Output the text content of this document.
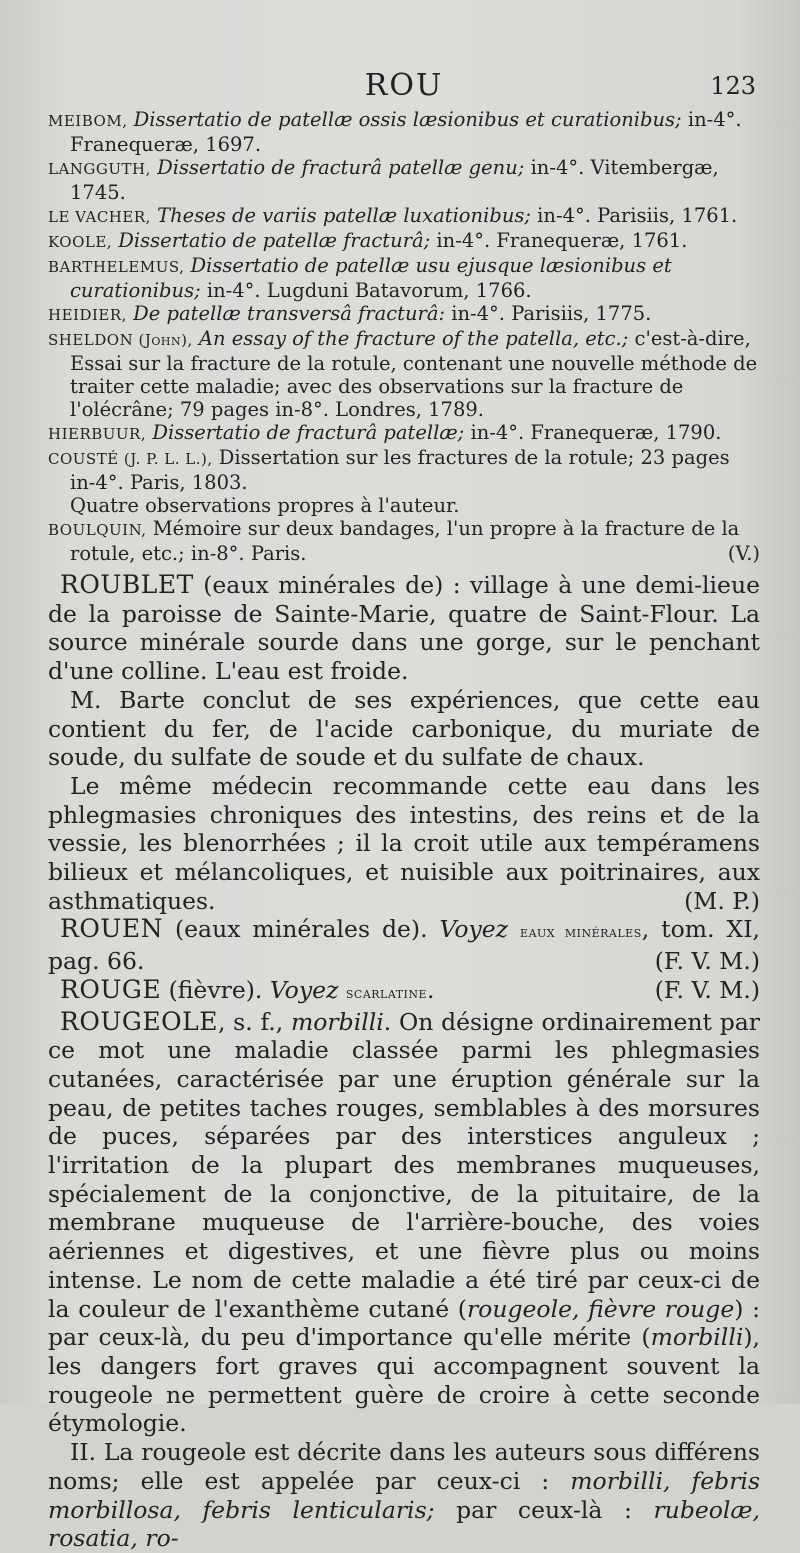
ROU	123

MEIBOM, Dissertatio de patellæ ossis læsionibus et curationibus; in-4°. Franequeræ, 1697.

LANGGUTH, Dissertatio de fracturâ patellæ genu; in-4°. Vitembergæ, 1745.

LE VACHER, Theses de variis patellæ luxationibus; in-4°. Parisiis, 1761.

KOOLE, Dissertatio de patellæ fracturâ; in-4°. Franequeræ, 1761.

BARTHELEMUS, Dissertatio de patellæ usu ejusque læsionibus et curationibus; in-4°. Lugduni Batavorum, 1766.

HEIDIER, De patellæ transversâ fracturâ: in-4°. Parisiis, 1775.

SHELDON (John), An essay of the fracture of the patella, etc.; c'est-à-dire, Essai sur la fracture de la rotule, contenant une nouvelle méthode de traiter cette maladie; avec des observations sur la fracture de l'olécrâne; 79 pages in-8°. Londres, 1789.

HIERBUUR, Dissertatio de fracturâ patellæ; in-4°. Franequeræ, 1790.

COUSTÉ (J. P. L. L.), Dissertation sur les fractures de la rotule; 23 pages in-4°. Paris, 1803.

Quatre observations propres à l'auteur.

BOULQUIN, Mémoire sur deux bandages, l'un propre à la fracture de la rotule, etc.; in-8°. Paris.	(V.)

ROUBLET (eaux minérales de) : village à une demi-lieue de la paroisse de Sainte-Marie, quatre de Saint-Flour. La source minérale sourde dans une gorge, sur le penchant d'une colline. L'eau est froide.

M. Barte conclut de ses expériences, que cette eau contient du fer, de l'acide carbonique, du muriate de soude, du sulfate de soude et du sulfate de chaux.

Le même médecin recommande cette eau dans les phlegmasies chroniques des intestins, des reins et de la vessie, les blenorrhées ; il la croit utile aux tempéramens bilieux et mélancoliques, et nuisible aux poitrinaires, aux asthmatiques.	(M. P.)

ROUEN (eaux minérales de). Voyez eaux minérales, tom. XI, pag. 66.	(F. V. M.)

ROUGE (fièvre). Voyez scarlatine.	(F. V. M.)

ROUGEOLE, s. f., morbilli. On désigne ordinairement par ce mot une maladie classée parmi les phlegmasies cutanées, caractérisée par une éruption générale sur la peau, de petites taches rouges, semblables à des morsures de puces, séparées par des interstices anguleux ; l'irritation de la plupart des membranes muqueuses, spécialement de la conjonctive, de la pituitaire, de la membrane muqueuse de l'arrière-bouche, des voies aériennes et digestives, et une fièvre plus ou moins intense. Le nom de cette maladie a été tiré par ceux-ci de la couleur de l'exanthème cutané (rougeole, fièvre rouge) : par ceux-là, du peu d'importance qu'elle mérite (morbilli), les dangers fort graves qui accompagnent souvent la rougeole ne permettent guère de croire à cette seconde étymologie.

II. La rougeole est décrite dans les auteurs sous différens noms; elle est appelée par ceux-ci : morbilli, febris morbillosa, febris lenticularis; par ceux-là : rubeolæ, rosatia, ro-
